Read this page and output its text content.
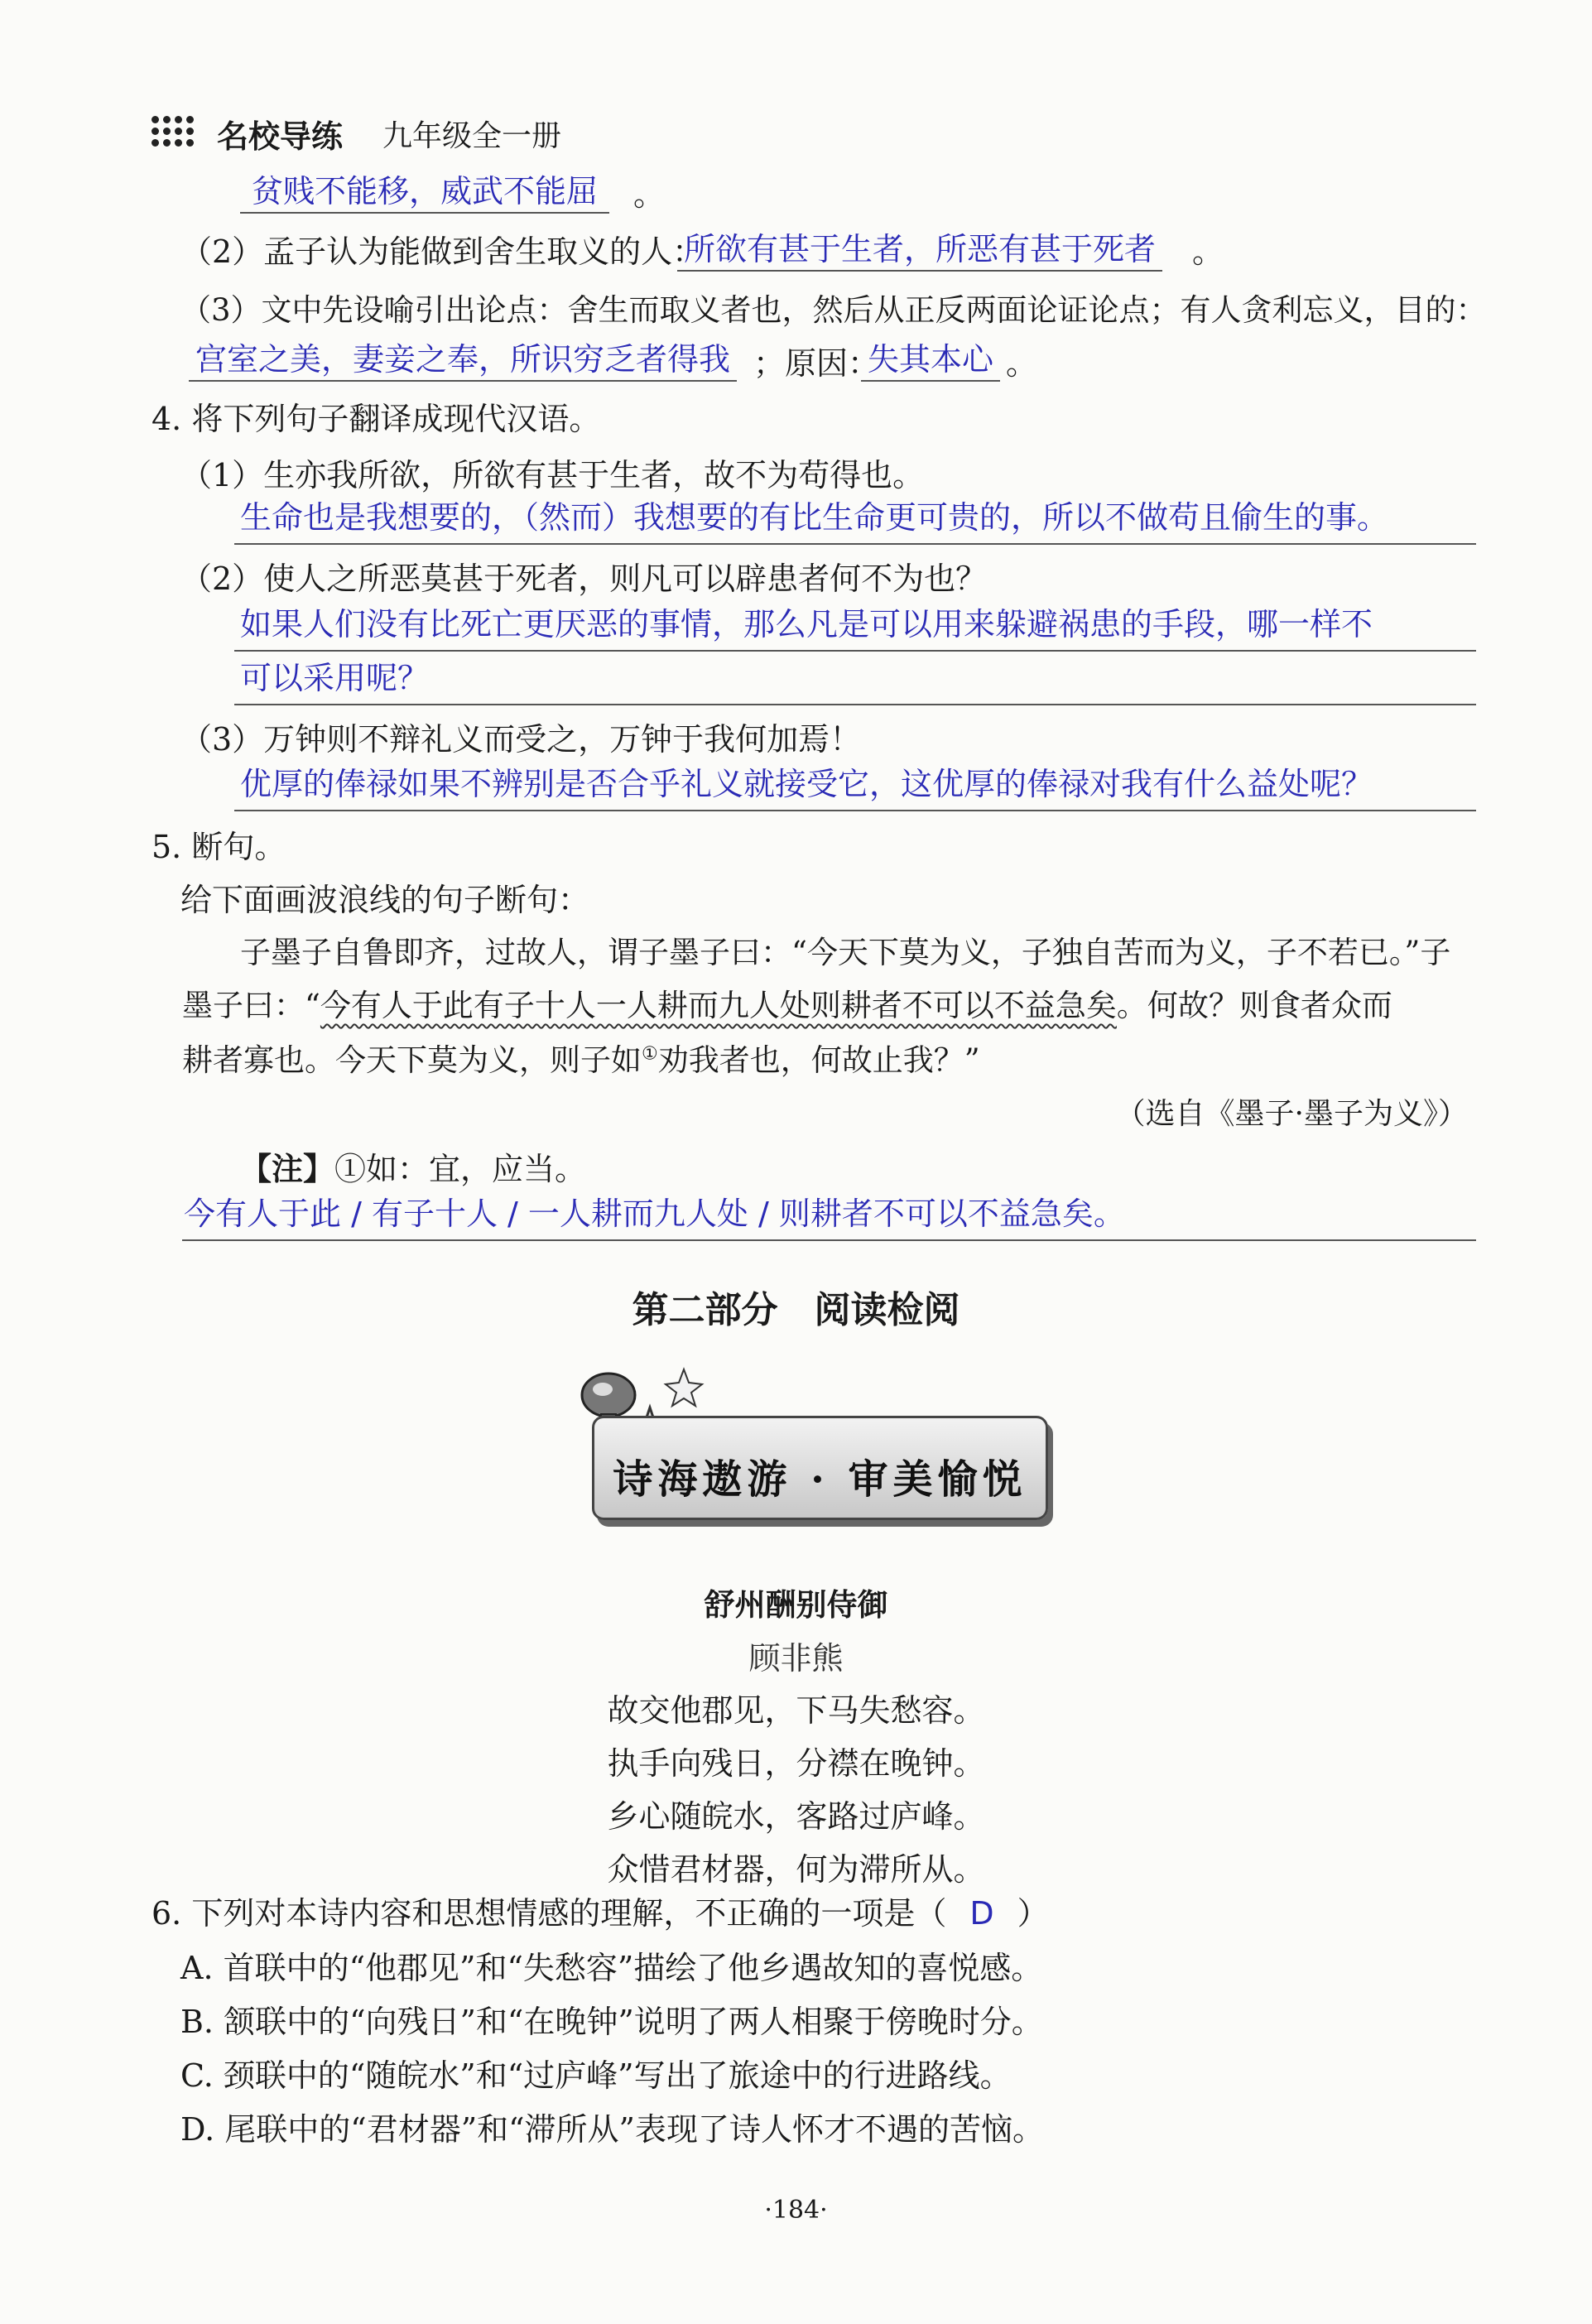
名校导练 九年级全一册
贫贱不能移，威武不能屈	。
（2）孟子认为能做到舍生取义的人：
所欲有甚于生者，所恶有甚于死者 。
（3）文中先设喻引出论点：舍生而取义者也，然后从正反两面论证论点；有人贪利忘义，目的：
宫室之美，妻妾之奉，所识穷乏者得我 ；原因：
失其本心 。
4. 将下列句子翻译成现代汉语。
（1）生亦我所欲，所欲有甚于生者，故不为苟得也。
生命也是我想要的，（然而）我想要的有比生命更可贵的，所以不做苟且偷生的事。
（2）使人之所恶莫甚于死者，则凡可以辟患者何不为也？
如果人们没有比死亡更厌恶的事情，那么凡是可以用来躲避祸患的手段，哪一样不
可以采用呢？
（3）万钟则不辩礼义而受之，万钟于我何加焉！
优厚的俸禄如果不辨别是否合乎礼义就接受它，这优厚的俸禄对我有什么益处呢？
5. 断句。
给下面画波浪线的句子断句：
子墨子自鲁即齐，过故人，谓子墨子曰：“今天下莫为义，子独自苦而为义，子不若已。”子
墨子曰：“今有人于此有子十人一人耕而九人处则耕者不可以不益急矣。何故？则食者众而
耕者寡也。今天下莫为义，则子如①劝我者也，何故止我？”
（选自《墨子·墨子为义》）
【注】①如：宜，应当。
今有人于此 / 有子十人 / 一人耕而九人处 / 则耕者不可以不益急矣。
第二部分　阅读检阅
诗海遨游 · 审美愉悦
舒州酬别侍御
顾非熊
故交他郡见，下马失愁容。
执手向残日，分襟在晚钟。
乡心随皖水，客路过庐峰。
众惜君材器，何为滞所从。
6. 下列对本诗内容和思想情感的理解，不正确的一项是（ D ）
A. 首联中的“他郡见”和“失愁容”描绘了他乡遇故知的喜悦感。
B. 颔联中的“向残日”和“在晚钟”说明了两人相聚于傍晚时分。
C. 颈联中的“随皖水”和“过庐峰”写出了旅途中的行进路线。
D. 尾联中的“君材器”和“滞所从”表现了诗人怀才不遇的苦恼。
·184·
